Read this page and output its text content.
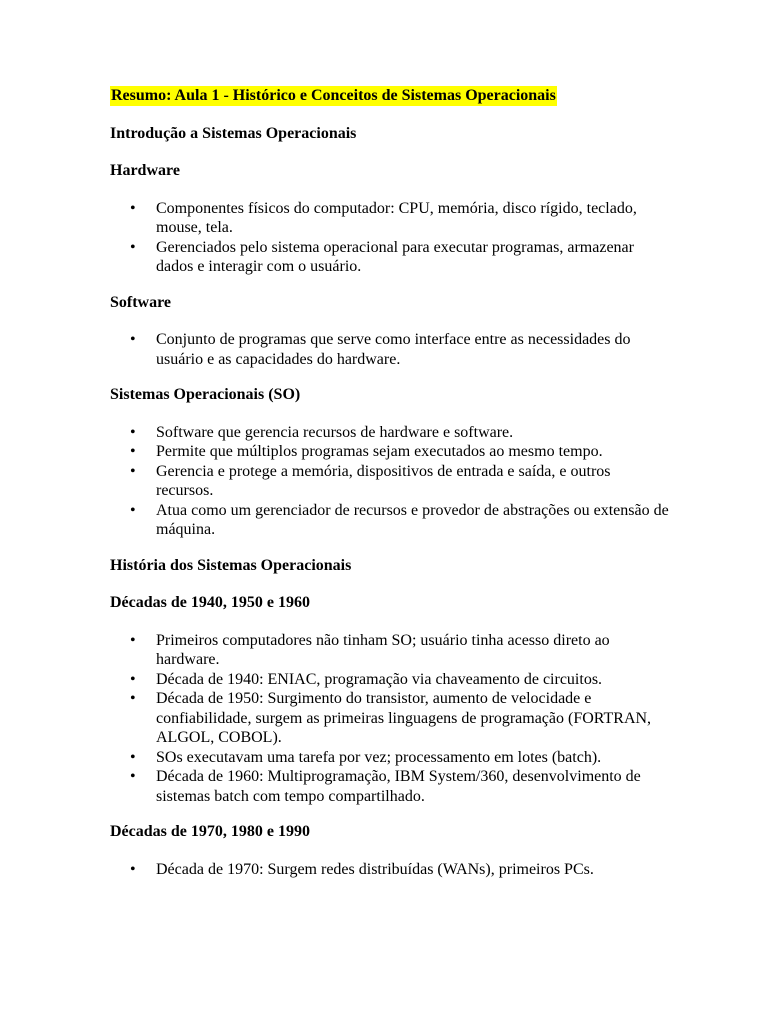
Resumo: Aula 1 - Histórico e Conceitos de Sistemas Operacionais
Introdução a Sistemas Operacionais
Hardware
• Componentes físicos do computador: CPU, memória, disco rígido, teclado, mouse, tela.
• Gerenciados pelo sistema operacional para executar programas, armazenar dados e interagir com o usuário.
Software
• Conjunto de programas que serve como interface entre as necessidades do usuário e as capacidades do hardware.
Sistemas Operacionais (SO)
• Software que gerencia recursos de hardware e software.
• Permite que múltiplos programas sejam executados ao mesmo tempo.
• Gerencia e protege a memória, dispositivos de entrada e saída, e outros recursos.
• Atua como um gerenciador de recursos e provedor de abstrações ou extensão de máquina.
História dos Sistemas Operacionais
Décadas de 1940, 1950 e 1960
• Primeiros computadores não tinham SO; usuário tinha acesso direto ao hardware.
• Década de 1940: ENIAC, programação via chaveamento de circuitos.
• Década de 1950: Surgimento do transistor, aumento de velocidade e confiabilidade, surgem as primeiras linguagens de programação (FORTRAN, ALGOL, COBOL).
• SOs executavam uma tarefa por vez; processamento em lotes (batch).
• Década de 1960: Multiprogramação, IBM System/360, desenvolvimento de sistemas batch com tempo compartilhado.
Décadas de 1970, 1980 e 1990
• Década de 1970: Surgem redes distribuídas (WANs), primeiros PCs.
